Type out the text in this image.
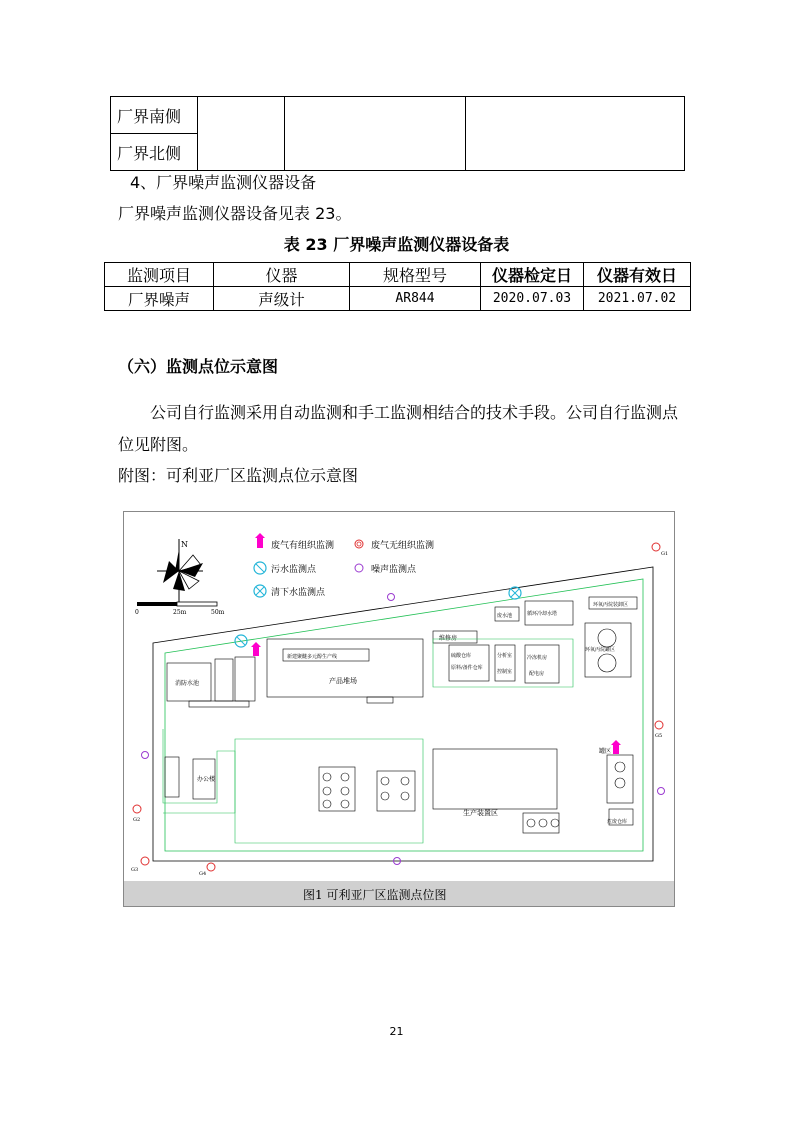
厂界南侧			
厂界北侧
4、厂界噪声监测仪器设备
厂界噪声监测仪器设备见表 23。
表 23 厂界噪声监测仪器设备表
监测项目	仪器	规格型号	仪器检定日	仪器有效日
厂界噪声	声级计	AR844	2020.07.03	2021.07.02
（六）监测点位示意图
公司自行监测采用自动监测和手工监测相结合的技术手段。公司自行监测点
位见附图。
附图：可利亚厂区监测点位示意图
N
0	25m	50m
废气有组织监测	废气无组织监测
污水监测点	噪声监测点
清下水监测点
消防水池
新建聚醚多元醇生产线
产品堆场
维修房
废水池	循环冷却水塔
环氧丙烷装卸区
硫酸仓库
原料/备件仓库
分析室
控制室
冷冻机房
配电房
环氧丙烷罐区
办公楼
生产装置区
罐区
危废仓库
G1
G2
G3
G4
G5
图1 可利亚厂区监测点位图
21
